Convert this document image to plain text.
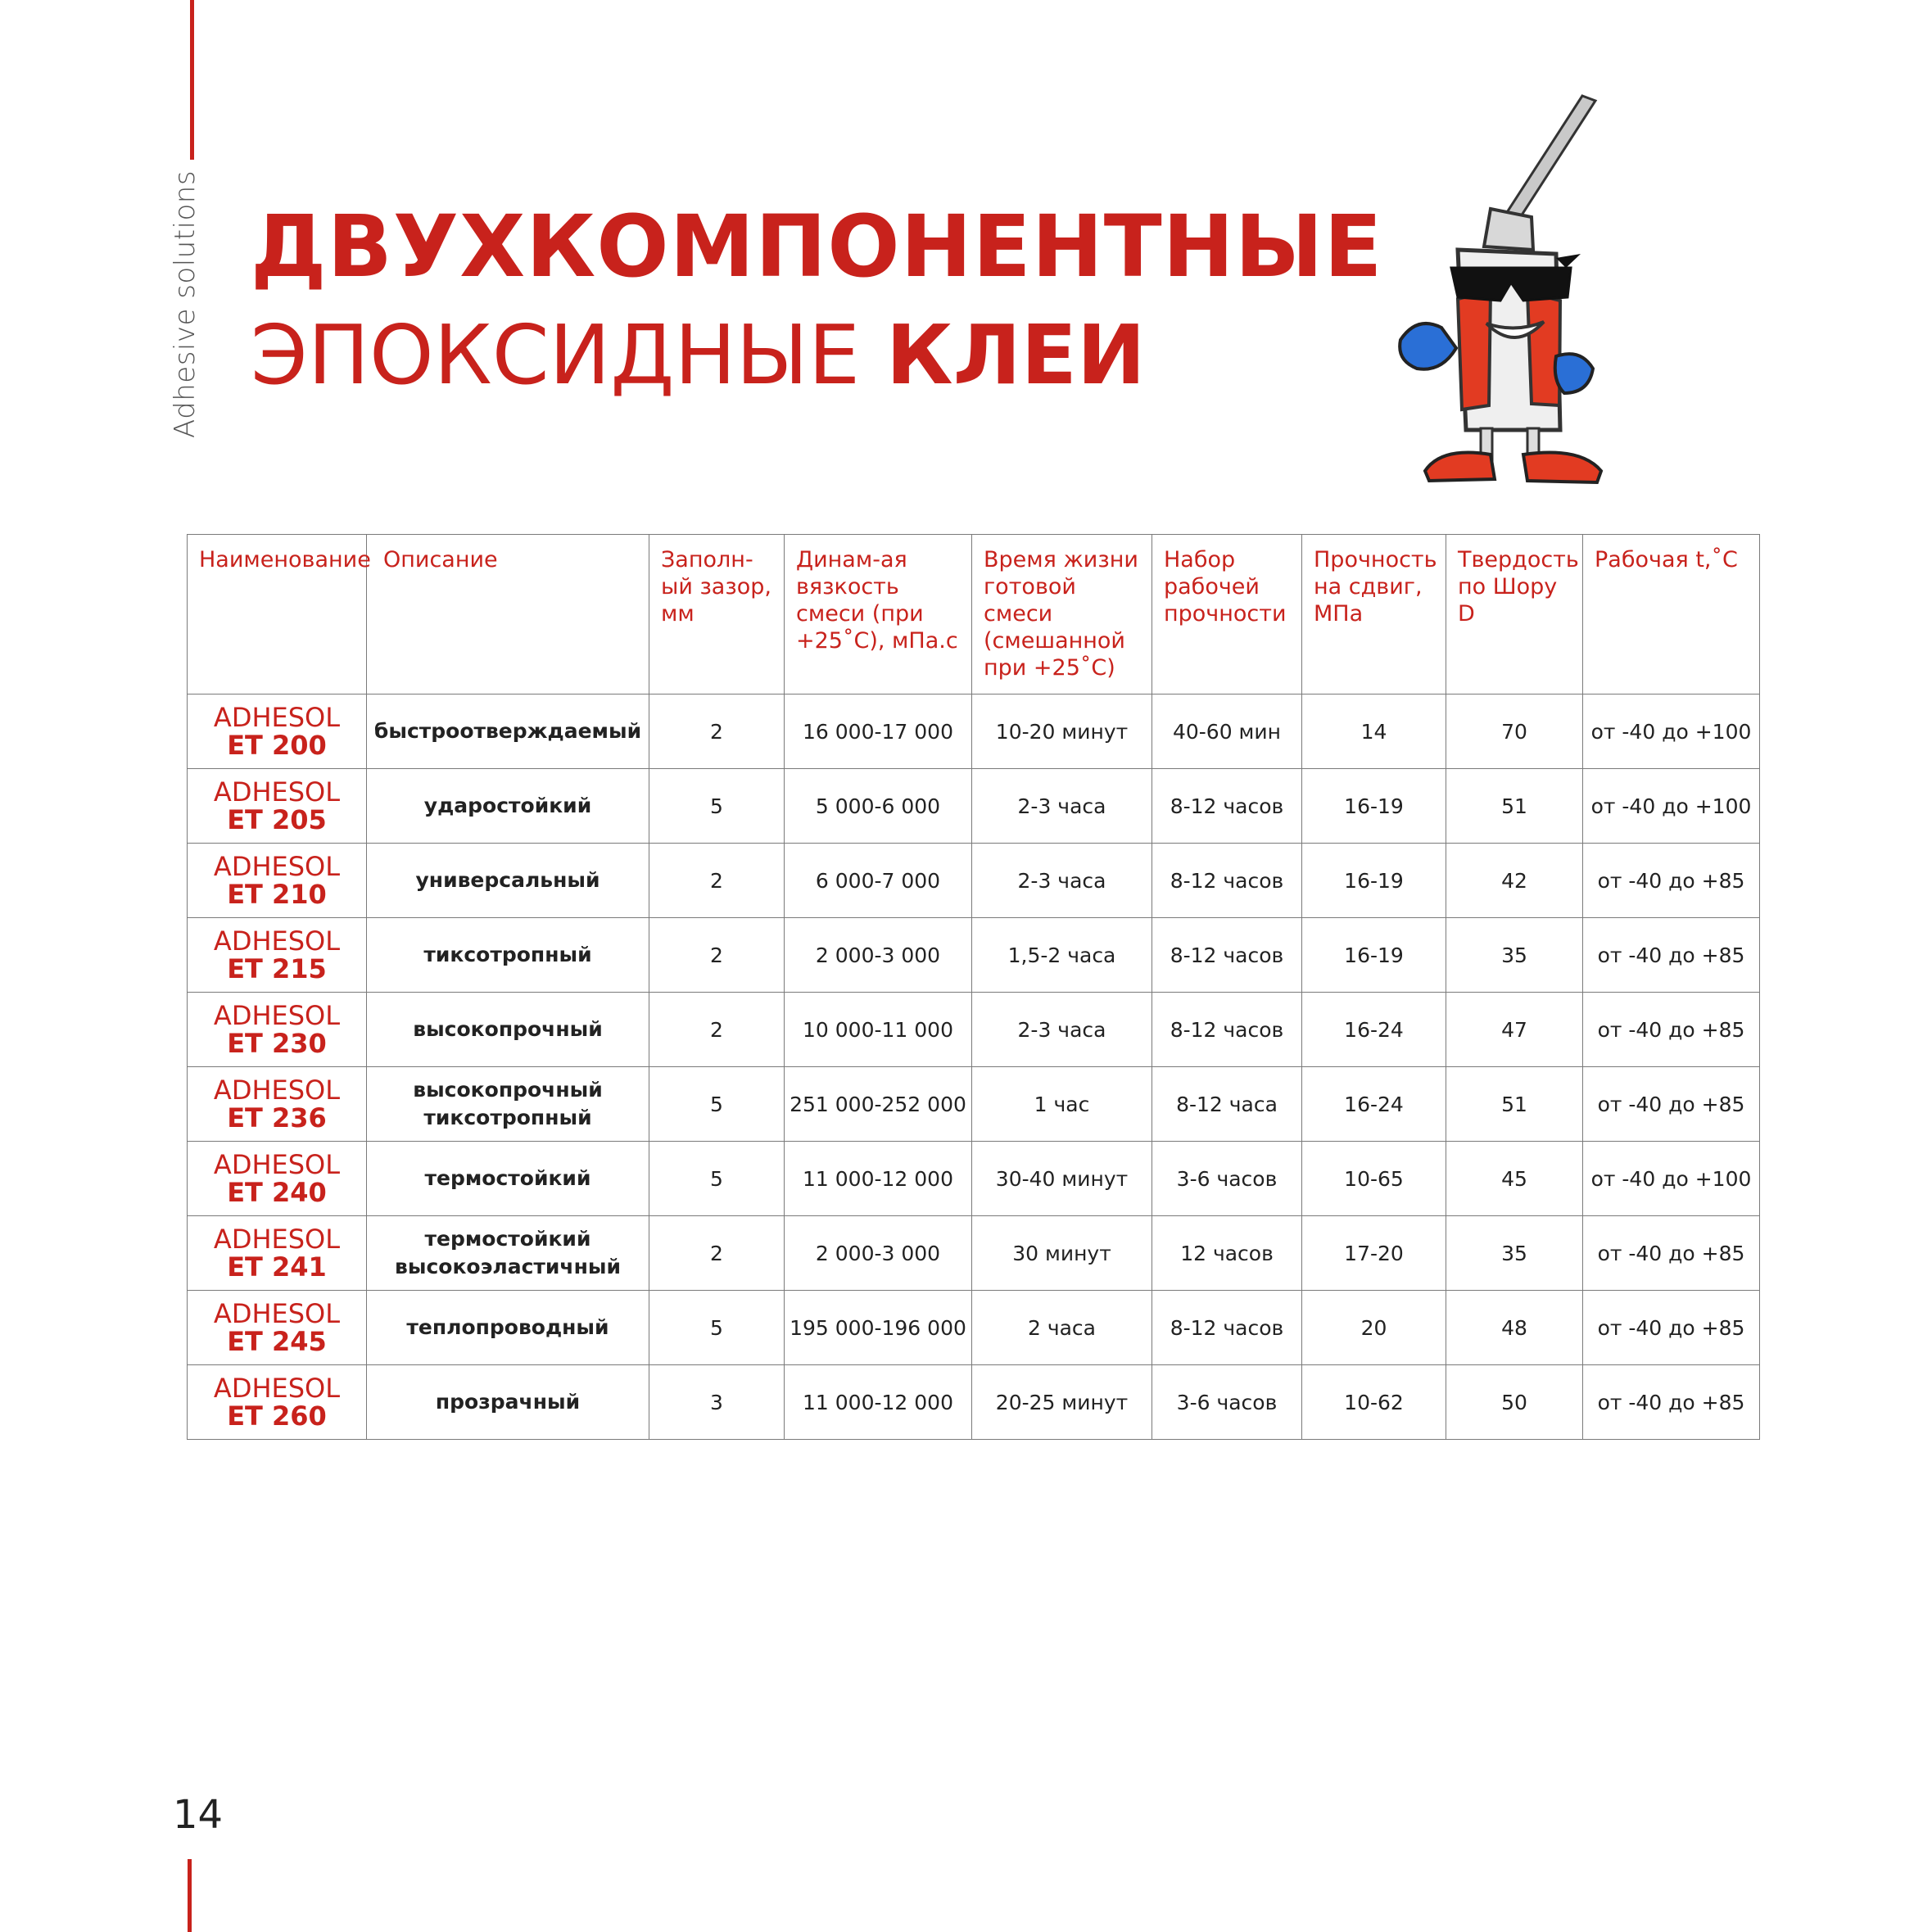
Adhesive solutions ДВУХКОМПОНЕНТНЫЕ
ЭПОКСИДНЫЕ КЛЕИ
Наименование	Описание	Заполн-ый зазор, мм	Динам-ая вязкость смеси (при +25˚С), мПа.с	Время жизни готовой смеси (смешанной при +25˚С)	Набор рабочей прочности	Прочность на сдвиг, МПа	Твердость по Шору D	Рабочая t,˚С

ADHESOL
ET 200	быстроотверждаемый	2	16 000-17 000	10-20 минут	40-60 мин	14	70	от -40 до +100

ADHESOL
ET 205	ударостойкий	5	5 000-6 000	2-3 часа	8-12 часов	16-19	51	от -40 до +100

ADHESOL
ET 210	универсальный	2	6 000-7 000	2-3 часа	8-12 часов	16-19	42	от -40 до +85

ADHESOL
ET 215	тиксотропный	2	2 000-3 000	1,5-2 часа	8-12 часов	16-19	35	от -40 до +85

ADHESOL
ET 230	высокопрочный	2	10 000-11 000	2-3 часа	8-12 часов	16-24	47	от -40 до +85

ADHESOL
ET 236	высокопрочный тиксотропный	5	251 000-252 000	1 час	8-12 часа	16-24	51	от -40 до +85

ADHESOL
ET 240	термостойкий	5	11 000-12 000	30-40 минут	3-6 часов	10-65	45	от -40 до +100

ADHESOL
ET 241	термостойкий высокоэластичный	2	2 000-3 000	30 минут	12 часов	17-20	35	от -40 до +85

ADHESOL
ET 245	теплопроводный	5	195 000-196 000	2 часа	8-12 часов	20	48	от -40 до +85

ADHESOL
ET 260	прозрачный	3	11 000-12 000	20-25 минут	3-6 часов	10-62	50	от -40 до +85
14
